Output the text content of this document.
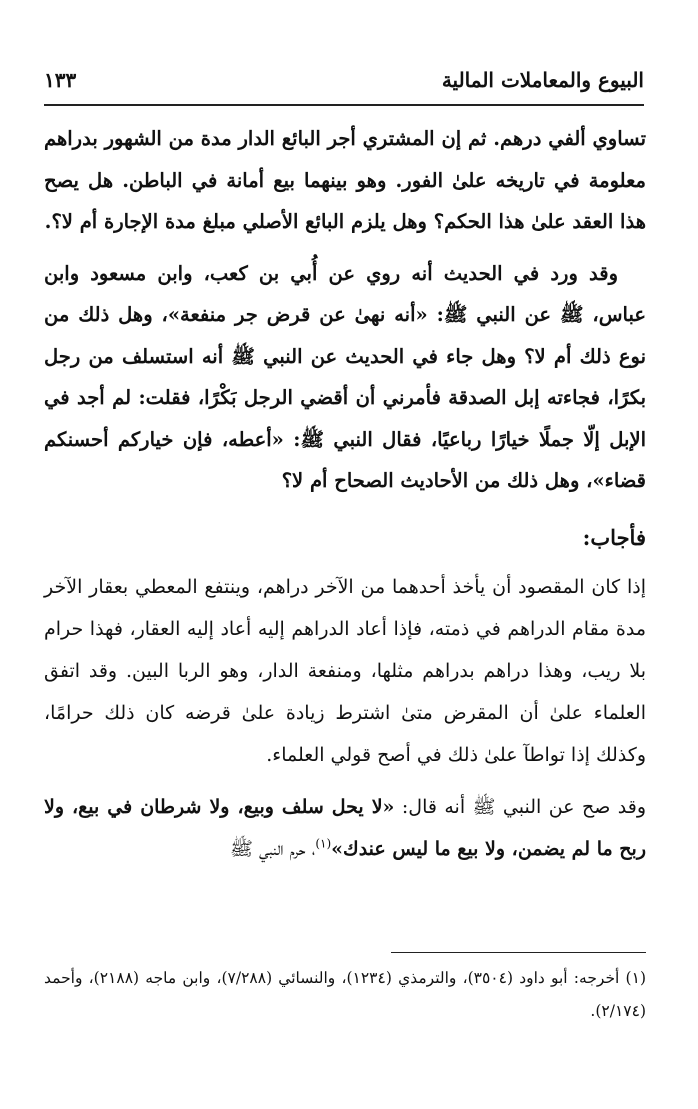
البيوع والمعاملات المالية
١٣٣

تساوي ألفي درهم. ثم إن المشتري أجر البائع الدار مدة من الشهور بدراهم معلومة في تاريخه علىٰ الفور. وهو بينهما بيع أمانة في الباطن. هل يصح هذا العقد علىٰ هذا الحكم؟ وهل يلزم البائع الأصلي مبلغ مدة الإجارة أم لا؟.

وقد ورد في الحديث أنه روي عن أُبي بن كعب، وابن مسعود وابن عباس، ﷺ عن النبي ﷺ: «أنه نهىٰ عن قرض جر منفعة»، وهل ذلك من نوع ذلك أم لا؟ وهل جاء في الحديث عن النبي ﷺ أنه استسلف من رجل بكرًا، فجاءته إبل الصدقة فأمرني أن أقضي الرجل بَكْرًا، فقلت: لم أجد في الإبل إلّا جملًا خيارًا رباعيًا، فقال النبي ﷺ: «أعطه، فإن خياركم أحسنكم قضاء»، وهل ذلك من الأحاديث الصحاح أم لا؟

فأجاب:

إذا كان المقصود أن يأخذ أحدهما من الآخر دراهم، وينتفع المعطي بعقار الآخر مدة مقام الدراهم في ذمته، فإذا أعاد الدراهم إليه أعاد إليه العقار، فهذا حرام بلا ريب، وهذا دراهم بدراهم مثلها، ومنفعة الدار، وهو الربا البين. وقد اتفق العلماء علىٰ أن المقرض متىٰ اشترط زيادة علىٰ قرضه كان ذلك حرامًا، وكذلك إذا تواطآ علىٰ ذلك في أصح قولي العلماء.

وقد صح عن النبي ﷺ أنه قال: «لا يحل سلف وبيع، ولا شرطان في بيع، ولا ربح ما لم يضمن، ولا بيع ما ليس عندك»$^{(١)}$، حرم النبي ﷺ

(١) أخرجه: أبو داود (٣٥٠٤)، والترمذي (١٢٣٤)، والنسائي (٧/٢٨٨)، وابن ماجه (٢١٨٨)، وأحمد (٢/١٧٤).
